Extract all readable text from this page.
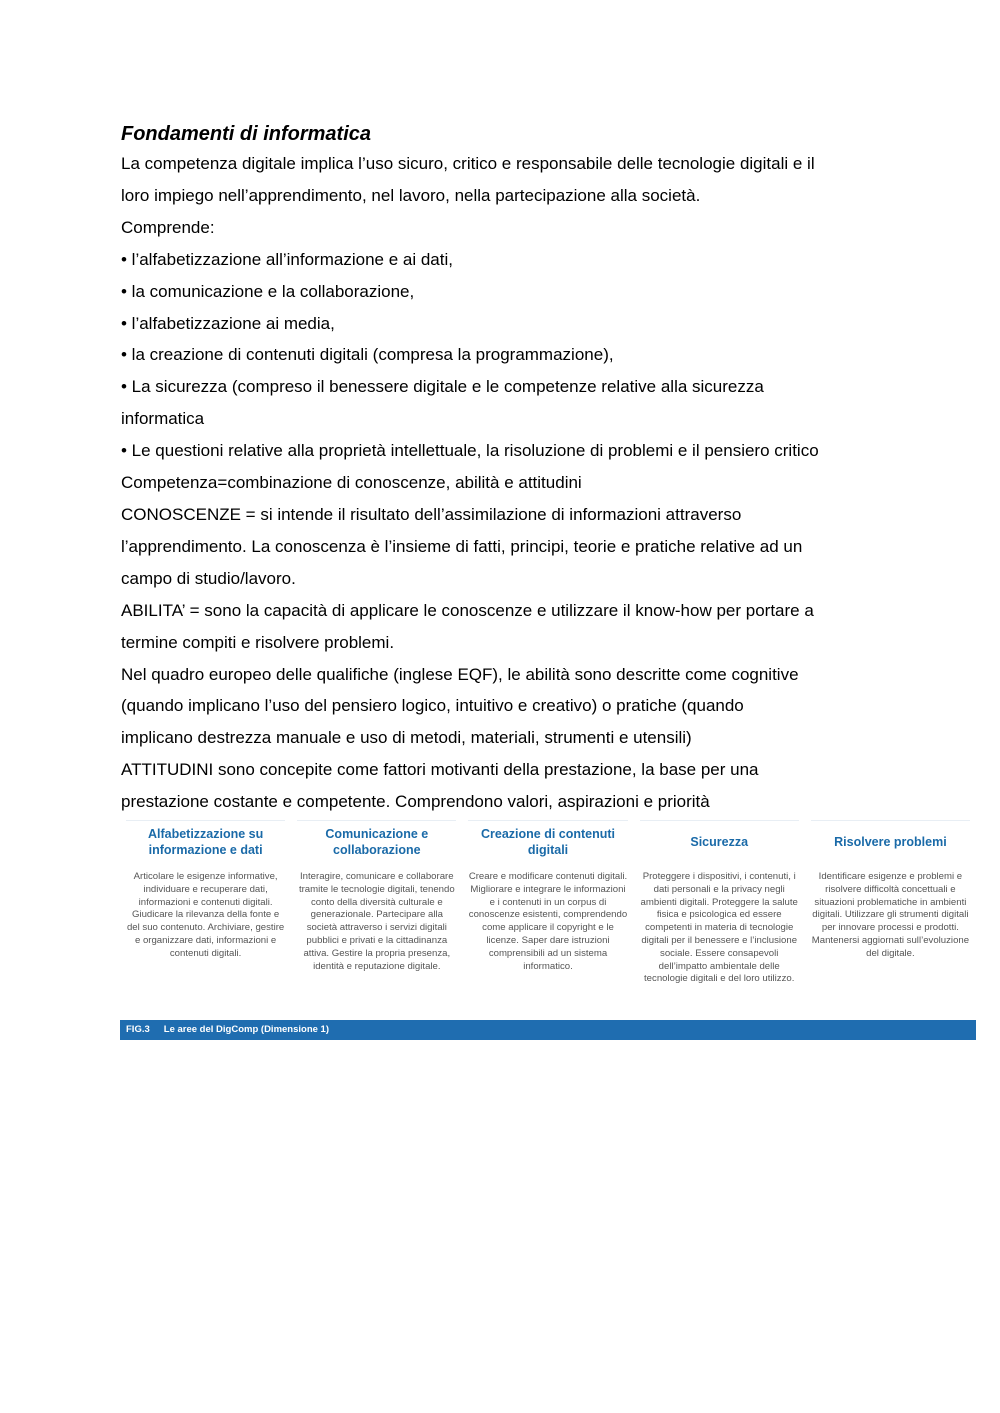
Fondamenti di informatica

La competenza digitale implica l’uso sicuro, critico e responsabile delle tecnologie digitali e il
loro impiego nell’apprendimento, nel lavoro, nella partecipazione alla società.
Comprende:
• l’alfabetizzazione all’informazione e ai dati,
• la comunicazione e la collaborazione,
• l’alfabetizzazione ai media,
• la creazione di contenuti digitali (compresa la programmazione),
• La sicurezza (compreso il benessere digitale e le competenze relative alla sicurezza
informatica
• Le questioni relative alla proprietà intellettuale, la risoluzione di problemi e il pensiero critico
Competenza=combinazione di conoscenze, abilità e attitudini
CONOSCENZE = si intende il risultato dell’assimilazione di informazioni attraverso
l’apprendimento. La conoscenza è l’insieme di fatti, principi, teorie e pratiche relative ad un
campo di studio/lavoro.
ABILITA’ = sono la capacità di applicare le conoscenze e utilizzare il know-how per portare a
termine compiti e risolvere problemi.
Nel quadro europeo delle qualifiche (inglese EQF), le abilità sono descritte come cognitive
(quando implicano l’uso del pensiero logico, intuitivo e creativo) o pratiche (quando
implicano destrezza manuale e uso di metodi, materiali, strumenti e utensili)
ATTITUDINI sono concepite come fattori motivanti della prestazione, la base per una
prestazione costante e competente. Comprendono valori, aspirazioni e priorità

Alfabetizzazione su informazione e dati
Articolare le esigenze informative, individuare e recuperare dati, informazioni e contenuti digitali. Giudicare la rilevanza della fonte e del suo contenuto. Archiviare, gestire e organizzare dati, informazioni e contenuti digitali.
Comunicazione e collaborazione
Interagire, comunicare e collaborare tramite le tecnologie digitali, tenendo conto della diversità culturale e generazionale. Partecipare alla società attraverso i servizi digitali pubblici e privati e la cittadinanza attiva. Gestire la propria presenza, identità e reputazione digitale.
Creazione di contenuti digitali
Creare e modificare contenuti digitali. Migliorare e integrare le informazioni e i contenuti in un corpus di conoscenze esistenti, comprendendo come applicare il copyright e le licenze. Saper dare istruzioni comprensibili ad un sistema informatico.
Sicurezza
Proteggere i dispositivi, i contenuti, i dati personali e la privacy negli ambienti digitali. Proteggere la salute fisica e psicologica ed essere competenti in materia di tecnologie digitali per il benessere e l’inclusione sociale. Essere consapevoli dell’impatto ambientale delle tecnologie digitali e del loro utilizzo.
Risolvere problemi
Identificare esigenze e problemi e risolvere difficoltà concettuali e situazioni problematiche in ambienti digitali. Utilizzare gli strumenti digitali per innovare processi e prodotti. Mantenersi aggiornati sull’evoluzione del digitale.
FIG.3 Le aree del DigComp (Dimensione 1)
